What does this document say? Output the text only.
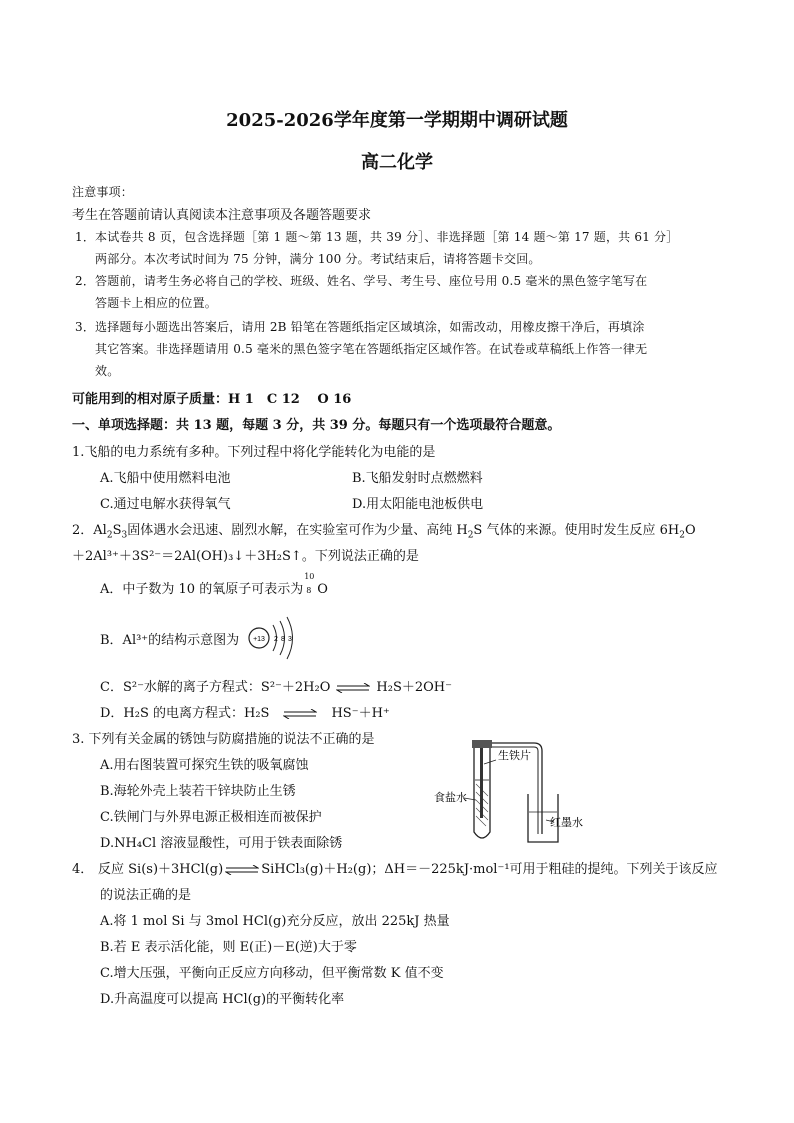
2025-2026学年度第一学期期中调研试题
高二化学
注意事项：
考生在答题前请认真阅读本注意事项及各题答题要求
1．本试卷共 8 页，包含选择题［第 1 题～第 13 题，共 39 分］、非选择题［第 14 题～第 17 题，共 61 分］
两部分。本次考试时间为 75 分钟，满分 100 分。考试结束后，请将答题卡交回。
2．答题前，请考生务必将自己的学校、班级、姓名、学号、考生号、座位号用 0.5 毫米的黑色签字笔写在
答题卡上相应的位置。
3．选择题每小题选出答案后，请用 2B 铅笔在答题纸指定区域填涂，如需改动，用橡皮擦干净后，再填涂
其它答案。非选择题请用 0.5 毫米的黑色签字笔在答题纸指定区域作答。在试卷或草稿纸上作答一律无
效。
可能用到的相对原子质量：H 1　C 12　 O 16
一、单项选择题：共 13 题，每题 3 分，共 39 分。每题只有一个选项最符合题意。
1.飞船的电力系统有多种。下列过程中将化学能转化为电能的是
A.飞船中使用燃料电池	B.飞船发射时点燃燃料
C.通过电解水获得氧气	D.用太阳能电池板供电
2．$Al_2S_3$固体遇水会迅速、剧烈水解，在实验室可作为少量、高纯 $H_2S$ 气体的来源。使用时发生反应 $6H_2O$
＋2Al³⁺＋3S²⁻＝2Al(OH)₃↓＋3H₂S↑。下列说法正确的是
A．中子数为 10 的氧原子可表示为
10
8 O
B．Al³⁺的结构示意图为 +13 2 8 3
C．S²⁻水解的离子方程式：S²⁻＋2H₂O ⇌ H₂S＋2OH⁻
D．H₂S 的电离方程式：H₂S ⇌ HS⁻＋H⁺
3. 下列有关金属的锈蚀与防腐措施的说法不正确的是
A.用右图装置可探究生铁的吸氧腐蚀
B.海轮外壳上装若干锌块防止生锈
C.铁闸门与外界电源正极相连而被保护
D.NH₄Cl 溶液显酸性，可用于铁表面除锈
生铁片
食盐水
红墨水
4． 反应 Si(s)＋3HCl(g) ⇌ SiHCl₃(g)＋H₂(g)；ΔH＝－225kJ·mol⁻¹可用于粗硅的提纯。下列关于该反应
的说法正确的是
A.将 1 mol Si 与 3mol HCl(g)充分反应，放出 225kJ 热量
B.若 E 表示活化能，则 E(正)－E(逆)大于零
C.增大压强，平衡向正反应方向移动，但平衡常数 K 值不变
D.升高温度可以提高 HCl(g)的平衡转化率
